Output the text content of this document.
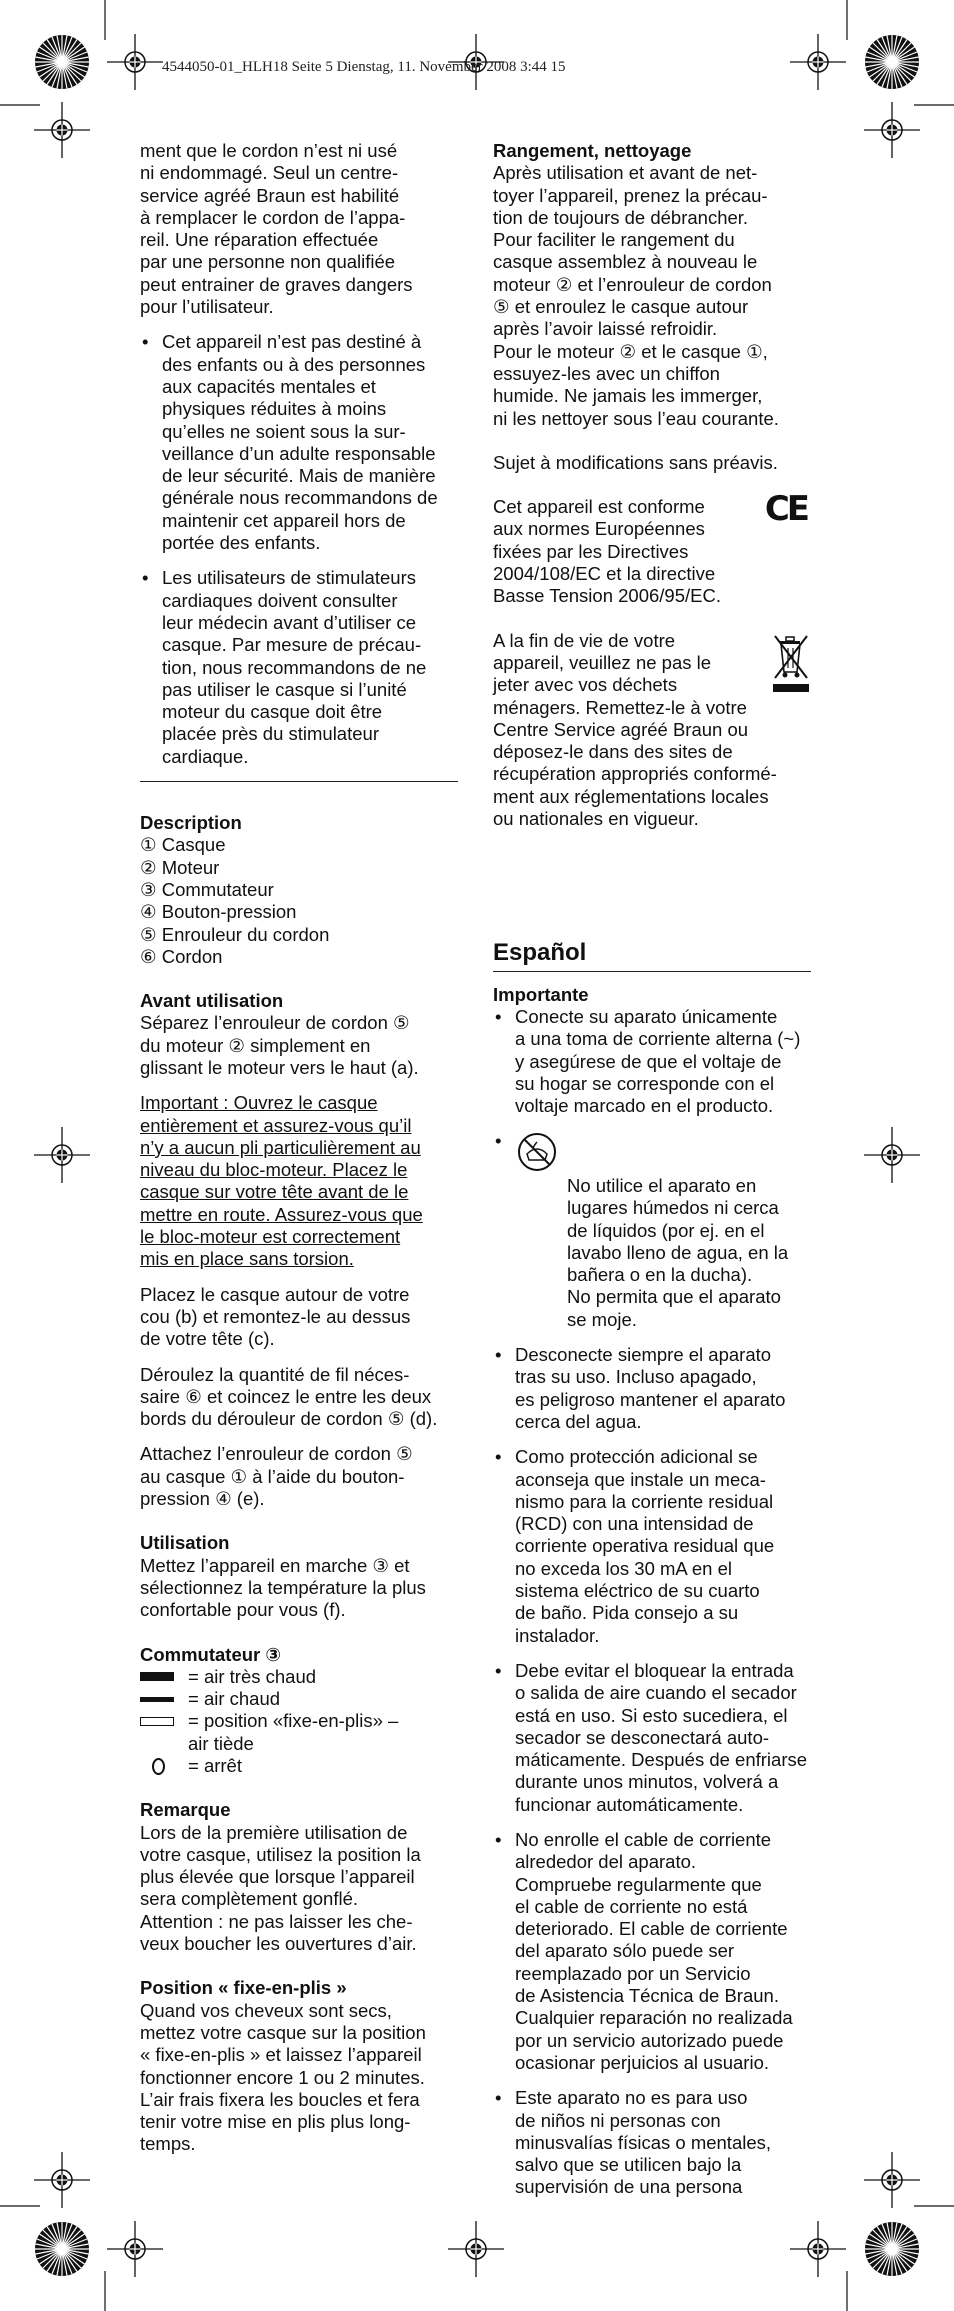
4544050-01_HLH18 Seite 5 Dienstag, 11. November 2008 3:44 15

ment que le cordon n’est ni usé
ni endommagé. Seul un centre-
service agréé Braun est habilité
à remplacer le cordon de l’appa-
reil. Une réparation effectuée
par une personne non qualifiée
peut entrainer de graves dangers
pour l’utilisateur.

• Cet appareil n’est pas destiné à
des enfants ou à des personnes
aux capacités mentales et
physiques réduites à moins
qu’elles ne soient sous la sur-
veillance d’un adulte responsable
de leur sécurité. Mais de manière
générale nous recommandons de
maintenir cet appareil hors de
portée des enfants.
• Les utilisateurs de stimulateurs
cardiaques doivent consulter
leur médecin avant d’utiliser ce
casque. Par mesure de précau-
tion, nous recommandons de ne
pas utiliser le casque si l’unité
moteur du casque doit être
placée près du stimulateur
cardiaque.
Description
① Casque
② Moteur
③ Commutateur
④ Bouton-pression
⑤ Enrouleur du cordon
⑥ Cordon
Avant utilisation

Séparez l’enrouleur de cordon ⑤
du moteur ② simplement en
glissant le moteur vers le haut (a).

Important : Ouvrez le casque
entièrement et assurez-vous qu’il
n’y a aucun pli particulièrement au
niveau du bloc-moteur. Placez le
casque sur votre tête avant de le
mettre en route. Assurez-vous que
le bloc-moteur est correctement
mis en place sans torsion.

Placez le casque autour de votre
cou (b) et remontez-le au dessus
de votre tête (c).

Déroulez la quantité de fil néces-
saire ⑥ et coincez le entre les deux
bords du dérouleur de cordon ⑤ (d).

Attachez l’enrouleur de cordon ⑤
au casque ① à l’aide du bouton-
pression ④ (e).

Utilisation

Mettez l’appareil en marche ③ et
sélectionnez la température la plus
confortable pour vous (f).

Commutateur ③
= air très chaud
= air chaud
= position «fixe-en-plis» –
air tiède
= arrêt
Remarque

Lors de la première utilisation de
votre casque, utilisez la position la
plus élevée que lorsque l’appareil
sera complètement gonflé.
Attention : ne pas laisser les che-
veux boucher les ouvertures d’air.

Position « fixe-en-plis »

Quand vos cheveux sont secs,
mettez votre casque sur la position
« fixe-en-plis » et laissez l’appareil
fonctionner encore 1 ou 2 minutes.
L’air frais fixera les boucles et fera
tenir votre mise en plis plus long-
temps.

Rangement, nettoyage

Après utilisation et avant de net-
toyer l’appareil, prenez la précau-
tion de toujours de débrancher.
Pour faciliter le rangement du
casque assemblez à nouveau le
moteur ② et l’enrouleur de cordon
⑤ et enroulez le casque autour
après l’avoir laissé refroidir.
Pour le moteur ② et le casque ①,
essuyez-les avec un chiffon
humide. Ne jamais les immerger,
ni les nettoyer sous l’eau courante.

Sujet à modifications sans préavis.

Cet appareil est conforme
aux normes Européennes
fixées par les Directives
2004/108/EC et la directive
Basse Tension 2006/95/EC.
CE
A la fin de vie de votre
appareil, veuillez ne pas le
jeter avec vos déchets
ménagers. Remettez-le à votre
Centre Service agréé Braun ou
déposez-le dans des sites de
récupération appropriés conformé-
ment aux réglementations locales
ou nationales en vigueur.
Español
Importante
• Conecte su aparato únicamente
a una toma de corriente alterna (~)
y asegúrese de que el voltaje de
su hogar se corresponde con el
voltaje marcado en el producto.

• No utilice el aparato en
lugares húmedos ni cerca
de líquidos (por ej. en el
lavabo lleno de agua, en la
bañera o en la ducha).
No permita que el aparato
se moje.

• Desconecte siempre el aparato
tras su uso. Incluso apagado,
es peligroso mantener el aparato
cerca del agua.
• Como protección adicional se
aconseja que instale un meca-
nismo para la corriente residual
(RCD) con una intensidad de
corriente operativa residual que
no exceda los 30 mA en el
sistema eléctrico de su cuarto
de baño. Pida consejo a su
instalador.
• Debe evitar el bloquear la entrada
o salida de aire cuando el secador
está en uso. Si esto sucediera, el
secador se desconectará auto-
máticamente. Después de enfriarse
durante unos minutos, volverá a
funcionar automáticamente.
• No enrolle el cable de corriente
alrededor del aparato.
Compruebe regularmente que
el cable de corriente no está
deteriorado. El cable de corriente
del aparato sólo puede ser
reemplazado por un Servicio
de Asistencia Técnica de Braun.
Cualquier reparación no realizada
por un servicio autorizado puede
ocasionar perjuicios al usuario.
• Este aparato no es para uso
de niños ni personas con
minusvalías físicas o mentales,
salvo que se utilicen bajo la
supervisión de una persona
